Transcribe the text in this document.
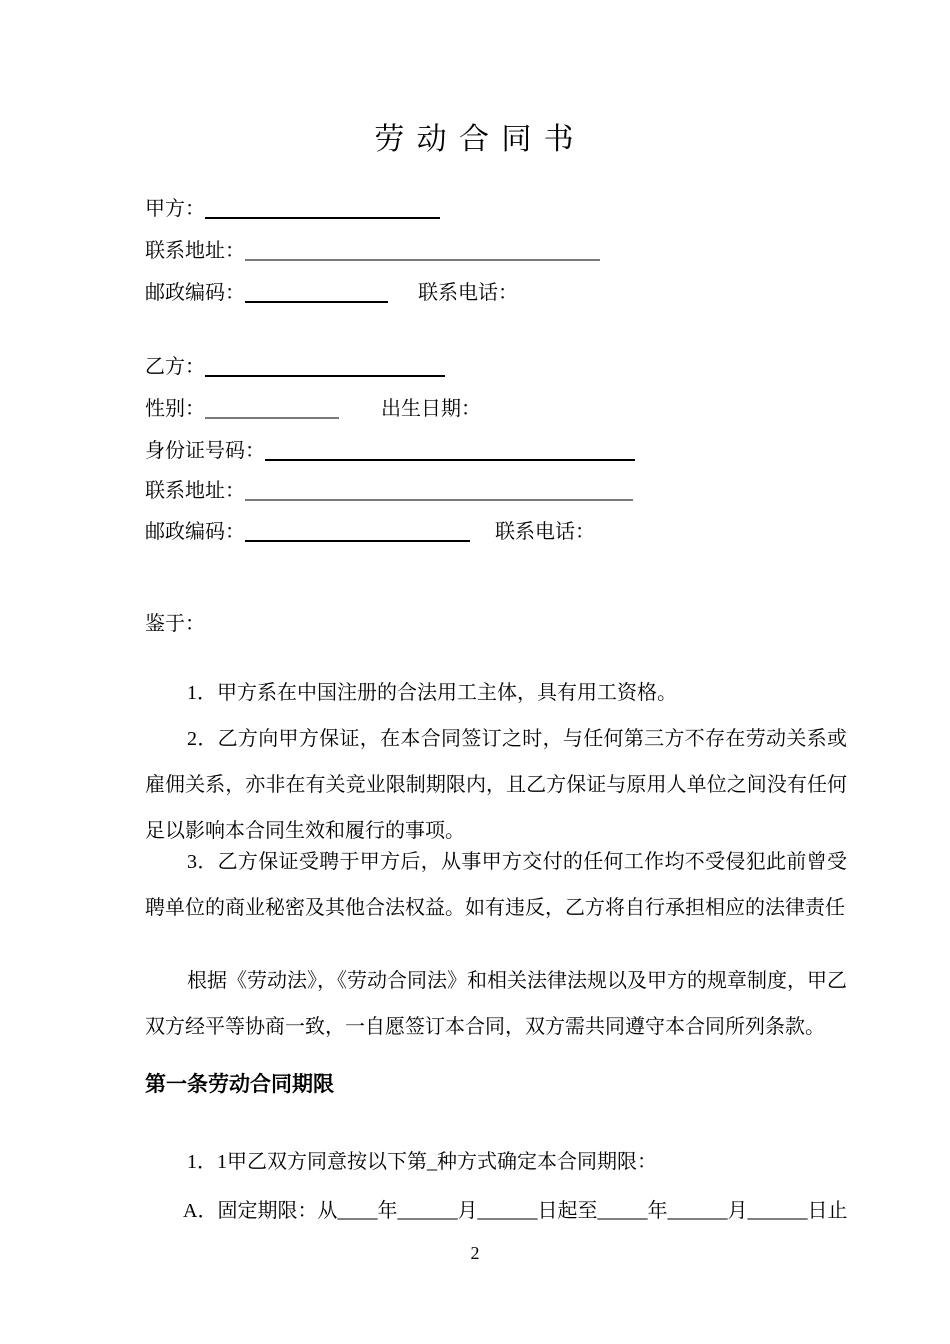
劳 动 合 同 书
甲方：
联系地址：
邮政编码：	联系电话：
乙方：
性别：	出生日期：
身份证号码：
联系地址：
邮政编码：	联系电话：
鉴于：

1．甲方系在中国注册的合法用工主体，具有用工资格。

2．乙方向甲方保证，在本合同签订之时，与任何第三方不存在劳动关系或雇佣关系，亦非在有关竞业限制期限内，且乙方保证与原用人单位之间没有任何足以影响本合同生效和履行的事项。

3．乙方保证受聘于甲方后，从事甲方交付的任何工作均不受侵犯此前曾受聘单位的商业秘密及其他合法权益。如有违反，乙方将自行承担相应的法律责任

根据《劳动法》，《劳动合同法》和相关法律法规以及甲方的规章制度，甲乙双方经平等协商一致，一自愿签订本合同，双方需共同遵守本合同所列条款。

第一条劳动合同期限
1．1甲乙双方同意按以下第_种方式确定本合同期限：
A．固定期限：从____年______月______日起至_____年______月______日止
2
